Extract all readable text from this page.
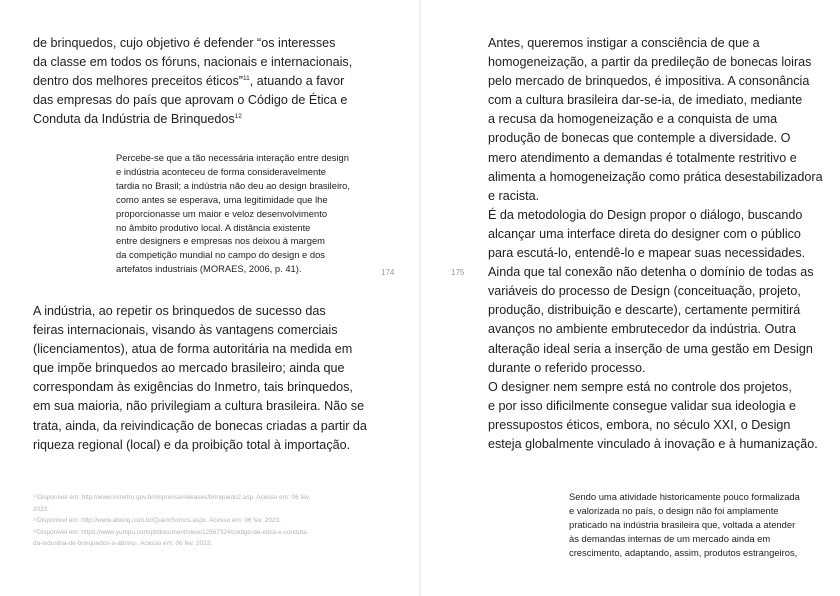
de brinquedos, cujo objetivo é defender “os interesses
da classe em todos os fóruns, nacionais e internacionais,
dentro dos melhores preceitos éticos”$^{11}$, atuando a favor
das empresas do país que aprovam o Código de Ética e
Conduta da Indústria de Brinquedos$^{12}$

Percebe-se que a tão necessária interação entre design
e indústria aconteceu de forma consideravelmente
tardia no Brasil; a indústria não deu ao design brasileiro,
como antes se esperava, uma legitimidade que lhe
proporcionasse um maior e veloz desenvolvimento
no âmbito produtivo local. A distância existente
entre designers e empresas nos deixou à margem
da competição mundial no campo do design e dos
artefatos industriais (MORAES, 2006, p. 41).	174

A indústria, ao repetir os brinquedos de sucesso das
feiras internacionais, visando às vantagens comerciais
(licenciamentos), atua de forma autoritária na medida em
que impõe brinquedos ao mercado brasileiro; ainda que
correspondam às exigências do Inmetro, tais brinquedos,
em sua maioria, não privilegiam a cultura brasileira. Não se
trata, ainda, da reivindicação de bonecas criadas a partir da
riqueza regional (local) e da proibição total à importação.

¹⁰Disponível em: http://www.inmetro.gov.br/imprensa/releases/brinquedo2.asp. Acesso em: 06 fev.
2023.
¹¹Disponível em: http://www.abrinq.com.br/QuemSomos.aspx. Acesso em: 06 fev. 2023.
¹²Disponível em: https://www.yumpu.com/pt/document/view/12867324/codigo-de-etica-e-conduta-
da-industria-de-brinquedos-a-abrinq-. Acesso em: 06 fev. 2023.
175

Antes, queremos instigar a consciência de que a
homogeneização, a partir da predileção de bonecas loiras
pelo mercado de brinquedos, é impositiva. A consonância
com a cultura brasileira dar-se-ia, de imediato, mediante
a recusa da homogeneização e a conquista de uma
produção de bonecas que contemple a diversidade. O
mero atendimento a demandas é totalmente restritivo e
alimenta a homogeneização como prática desestabilizadora
e racista.
É da metodologia do Design propor o diálogo, buscando
alcançar uma interface direta do designer com o público
para escutá-lo, entendê-lo e mapear suas necessidades.
Ainda que tal conexão não detenha o domínio de todas as
variáveis do processo de Design (conceituação, projeto,
produção, distribuição e descarte), certamente permitirá
avanços no ambiente embrutecedor da indústria. Outra
alteração ideal seria a inserção de uma gestão em Design
durante o referido processo.
O designer nem sempre está no controle dos projetos,
e por isso dificilmente consegue validar sua ideologia e
pressupostos éticos, embora, no século XXI, o Design
esteja globalmente vinculado à inovação e à humanização.

Sendo uma atividade historicamente pouco formalizada
e valorizada no país, o design não foi amplamente
praticado na indústria brasileira que, voltada a atender
às demandas internas de um mercado ainda em
crescimento, adaptando, assim, produtos estrangeiros,
